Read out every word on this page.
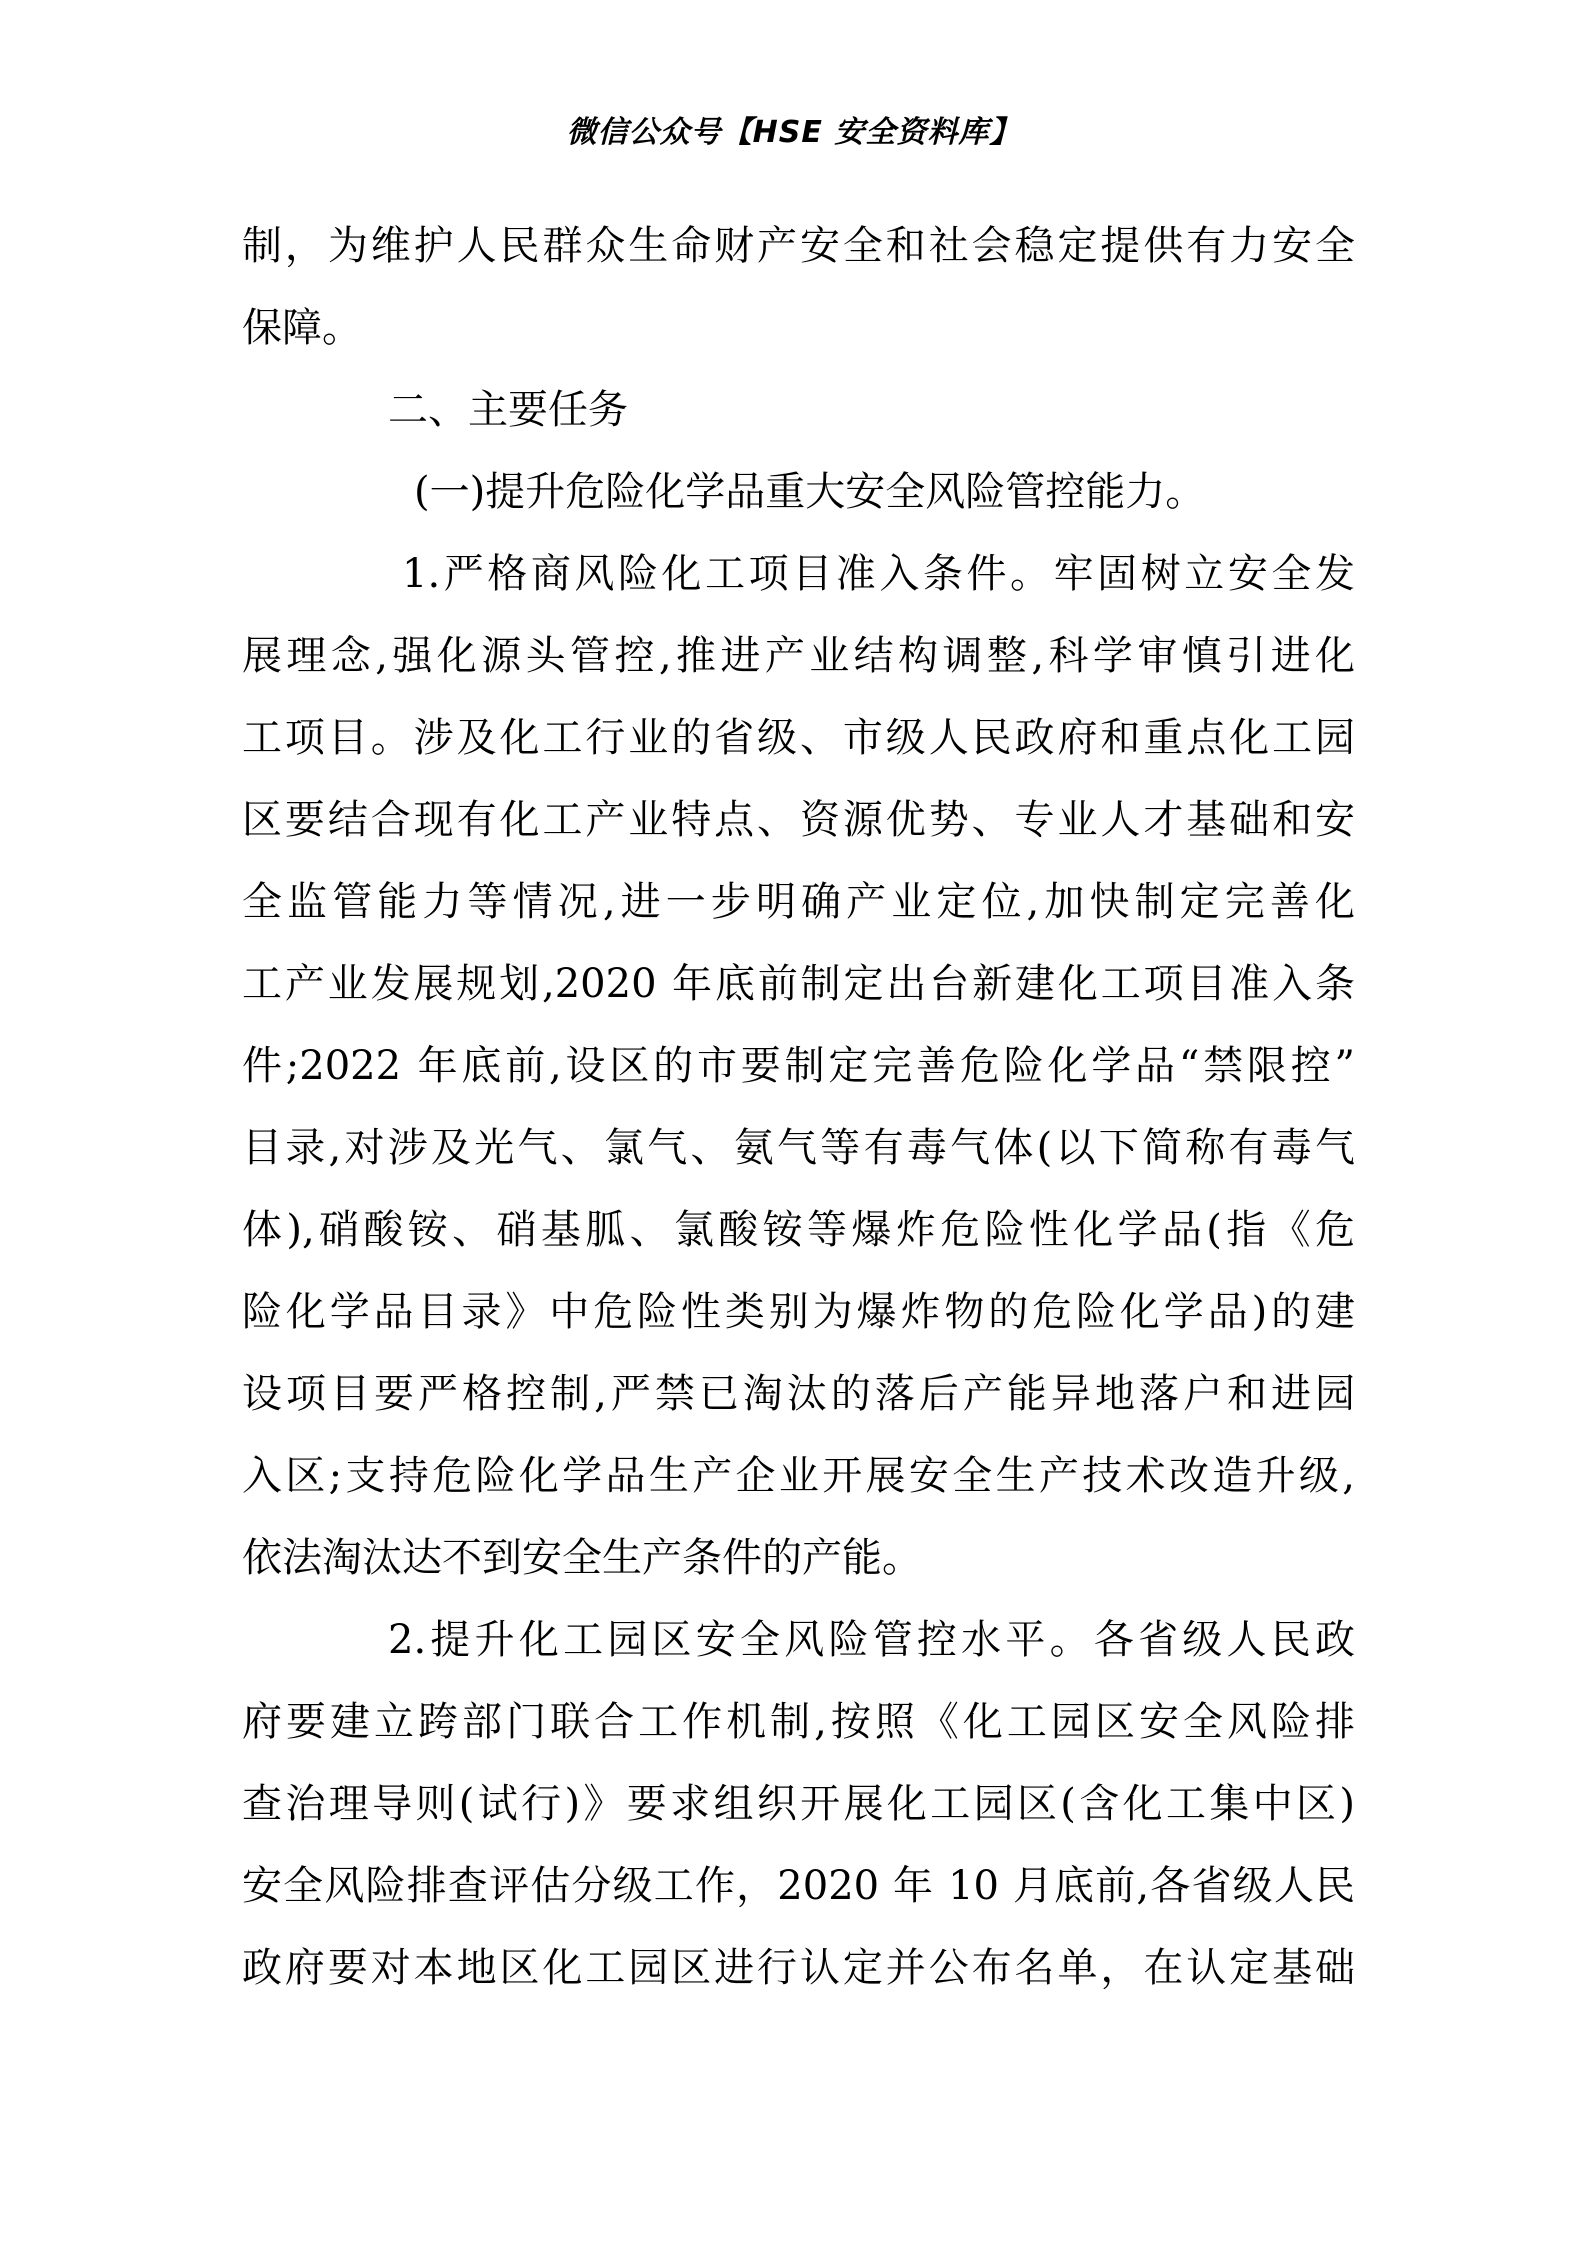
微信公众号【HSE 安全资料库】
制，为维护人民群众生命财产安全和社会稳定提供有力安全
保障。
二、主要任务
(一)提升危险化学品重大安全风险管控能力。
1.严格商风险化工项目准入条件。牢固树立安全发
展理念,强化源头管控,推进产业结构调整,科学审慎引进化
工项目。涉及化工行业的省级、市级人民政府和重点化工园
区要结合现有化工产业特点、资源优势、专业人才基础和安
全监管能力等情况,进一步明确产业定位,加快制定完善化
工产业发展规划,2020 年底前制定出台新建化工项目准入条
件;2022 年底前,设区的市要制定完善危险化学品“禁限控”
目录,对涉及光气、氯气、氨气等有毒气体(以下简称有毒气
体),硝酸铵、硝基胍、氯酸铵等爆炸危险性化学品(指《危
险化学品目录》中危险性类别为爆炸物的危险化学品)的建
设项目要严格控制,严禁已淘汰的落后产能异地落户和进园
入区;支持危险化学品生产企业开展安全生产技术改造升级,
依法淘汰达不到安全生产条件的产能。
2.提升化工园区安全风险管控水平。各省级人民政
府要建立跨部门联合工作机制,按照《化工园区安全风险排
查治理导则(试行)》要求组织开展化工园区(含化工集中区)
安全风险排查评估分级工作，2020 年 10 月底前,各省级人民
政府要对本地区化工园区进行认定并公布名单，在认定基础
